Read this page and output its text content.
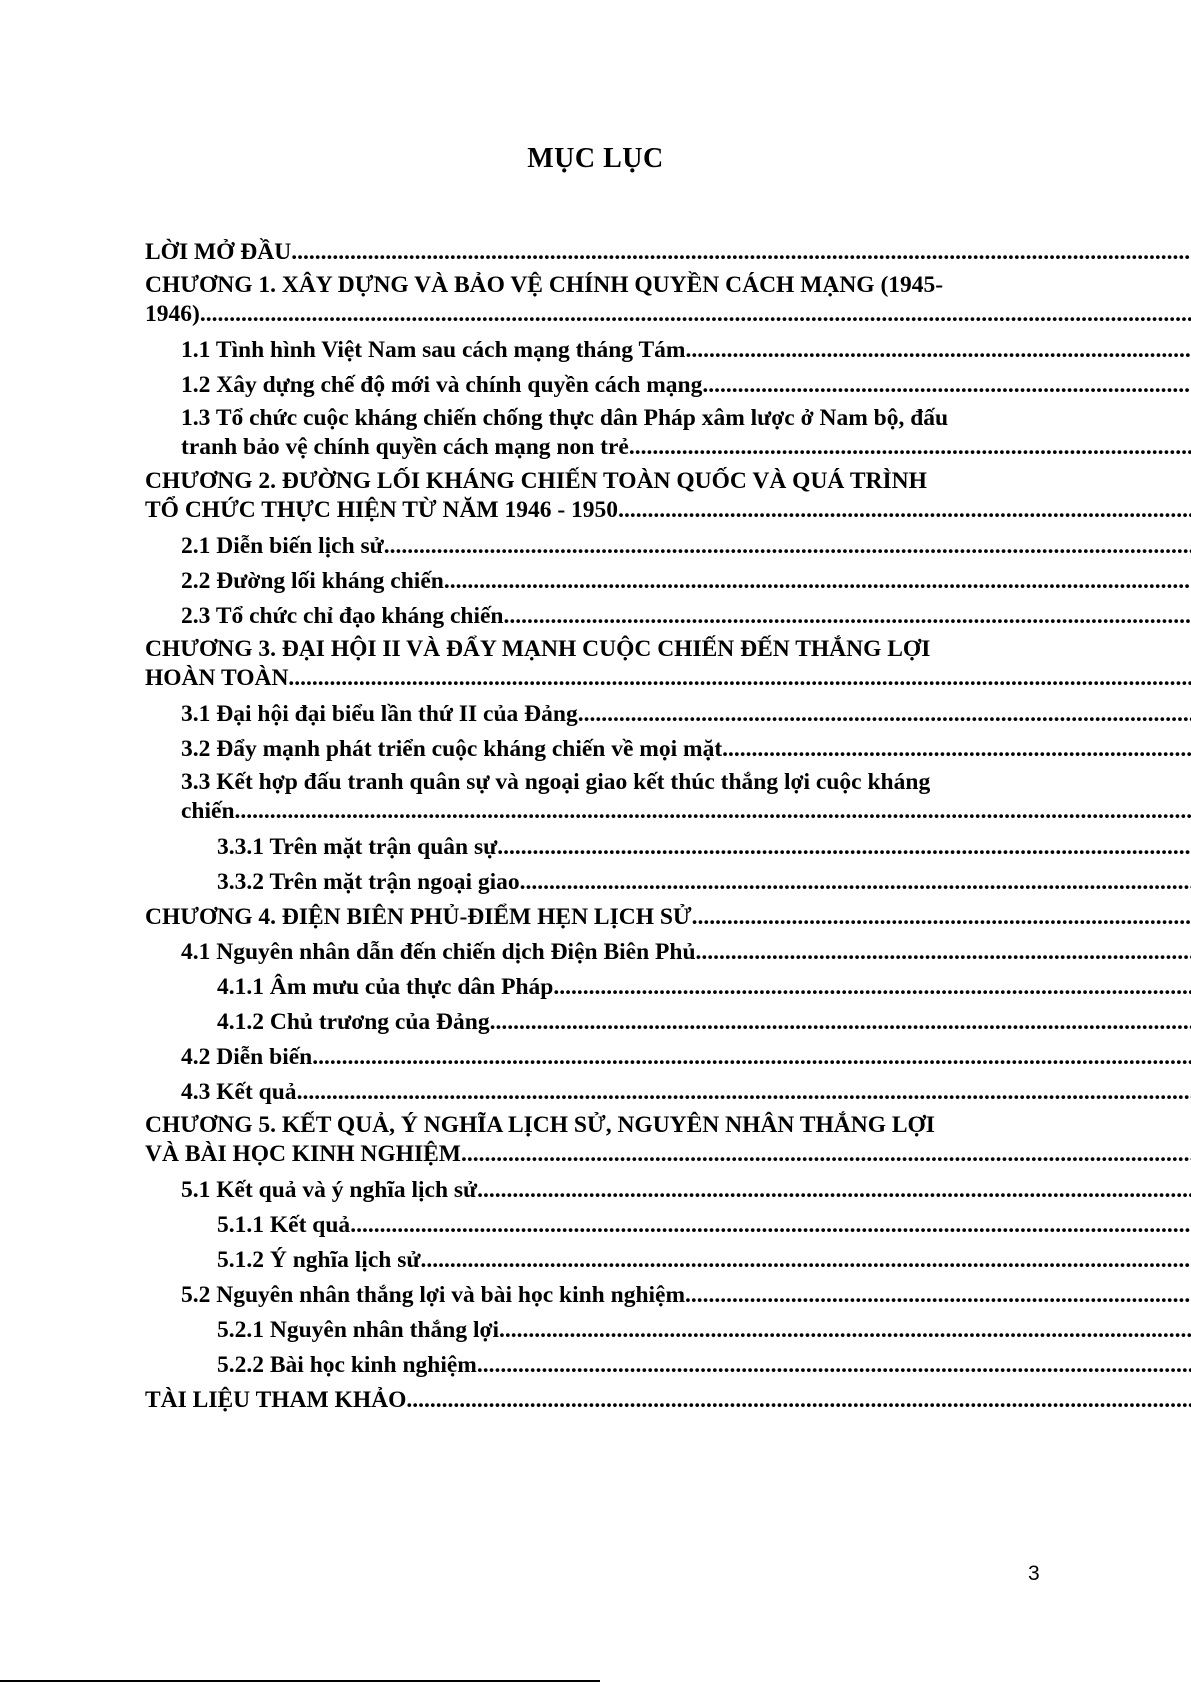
MỤC LỤC
LỜI MỞ ĐẦU .....
CHƯƠNG 1. XÂY DỰNG VÀ BẢO VỆ CHÍNH QUYỀN CÁCH MẠNG (1945-
1946) .....
1.1 Tình hình Việt Nam sau cách mạng tháng Tám .....
1.2 Xây dựng chế độ mới và chính quyền cách mạng .....
1.3 Tổ chức cuộc kháng chiến chống thực dân Pháp xâm lược ở Nam bộ, đấu
tranh bảo vệ chính quyền cách mạng non trẻ .....
CHƯƠNG 2. ĐƯỜNG LỐI KHÁNG CHIẾN TOÀN QUỐC VÀ QUÁ TRÌNH
TỔ CHỨC THỰC HIỆN TỪ NĂM 1946 - 1950 .....
2.1 Diễn biến lịch sử .....
2.2 Đường lối kháng chiến .....
2.3 Tổ chức chỉ đạo kháng chiến .....
CHƯƠNG 3. ĐẠI HỘI II VÀ ĐẨY MẠNH CUỘC CHIẾN ĐẾN THẮNG LỢI
HOÀN TOÀN .....
3.1 Đại hội đại biểu lần thứ II của Đảng .....
3.2 Đẩy mạnh phát triển cuộc kháng chiến về mọi mặt .....
3.3 Kết hợp đấu tranh quân sự và ngoại giao kết thúc thắng lợi cuộc kháng
chiến .....
3.3.1 Trên mặt trận quân sự .....
3.3.2 Trên mặt trận ngoại giao .....
CHƯƠNG 4. ĐIỆN BIÊN PHỦ-ĐIỂM HẸN LỊCH SỬ .....
4.1 Nguyên nhân dẫn đến chiến dịch Điện Biên Phủ .....
4.1.1 Âm mưu của thực dân Pháp .....
4.1.2 Chủ trương của Đảng .....
4.2 Diễn biến .....
4.3 Kết quả .....
CHƯƠNG 5. KẾT QUẢ, Ý NGHĨA LỊCH SỬ, NGUYÊN NHÂN THẮNG LỢI
VÀ BÀI HỌC KINH NGHIỆM .....
5.1 Kết quả và ý nghĩa lịch sử .....
5.1.1 Kết quả .....
5.1.2 Ý nghĩa lịch sử .....
5.2 Nguyên nhân thắng lợi và bài học kinh nghiệm .....
5.2.1 Nguyên nhân thắng lợi .....
5.2.2 Bài học kinh nghiệm .....
TÀI LIỆU THAM KHẢO .....
3
